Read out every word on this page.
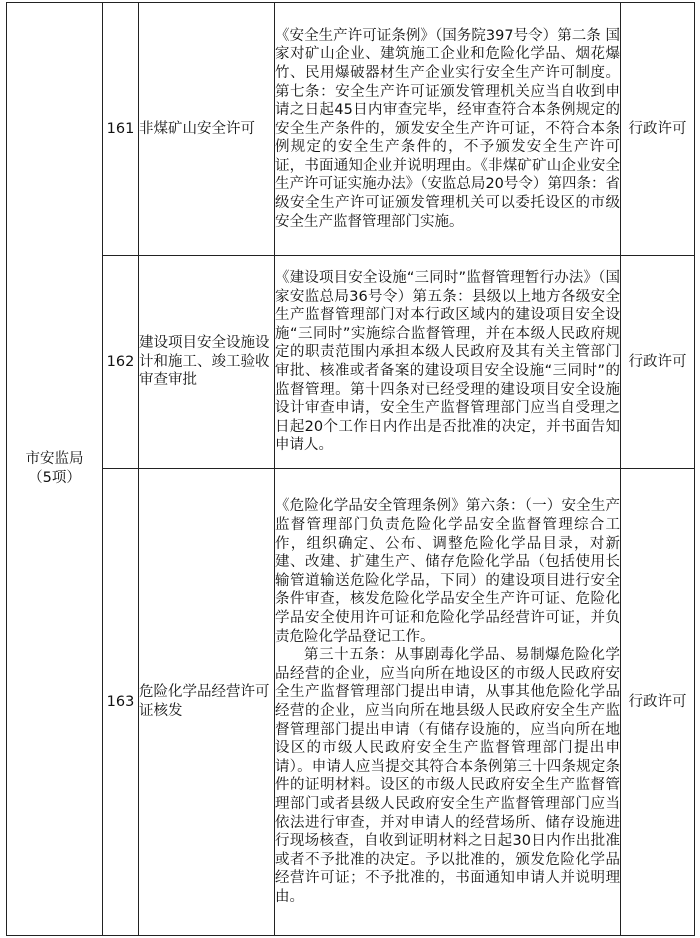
市安监局
（5项）	161	非煤矿山安全许可	《安全生产许可证条例》（国务院397号令）第二条 国家对矿山企业、建筑施工企业和危险化学品、烟花爆竹、民用爆破器材生产企业实行安全生产许可制度。第七条：安全生产许可证颁发管理机关应当自收到申请之日起45日内审查完毕，经审查符合本条例规定的安全生产条件的，颁发安全生产许可证，不符合本条例规定的安全生产条件的，不予颁发安全生产许可证，书面通知企业并说明理由。《非煤矿矿山企业安全生产许可证实施办法》（安监总局20号令）第四条：省级安全生产许可证颁发管理机关可以委托设区的市级安全生产监督管理部门实施。	行政许可
	162	建设项目安全设施设计和施工、竣工验收审查审批	《建设项目安全设施“三同时”监督管理暂行办法》（国家安监总局36号令）第五条：县级以上地方各级安全生产监督管理部门对本行政区域内的建设项目安全设施“三同时”实施综合监督管理，并在本级人民政府规定的职责范围内承担本级人民政府及其有关主管部门审批、核准或者备案的建设项目安全设施“三同时”的监督管理。第十四条对已经受理的建设项目安全设施设计审查申请，安全生产监督管理部门应当自受理之日起20个工作日内作出是否批准的决定，并书面告知申请人。	行政许可
	163	危险化学品经营许可证核发	《危险化学品安全管理条例》第六条：（一）安全生产监督管理部门负责危险化学品安全监督管理综合工作，组织确定、公布、调整危险化学品目录，对新建、改建、扩建生产、储存危险化学品（包括使用长输管道输送危险化学品，下同）的建设项目进行安全条件审查，核发危险化学品安全生产许可证、危险化学品安全使用许可证和危险化学品经营许可证，并负责危险化学品登记工作。
第三十五条：从事剧毒化学品、易制爆危险化学品经营的企业，应当向所在地设区的市级人民政府安全生产监督管理部门提出申请，从事其他危险化学品经营的企业，应当向所在地县级人民政府安全生产监督管理部门提出申请（有储存设施的，应当向所在地设区的市级人民政府安全生产监督管理部门提出申请）。申请人应当提交其符合本条例第三十四条规定条件的证明材料。设区的市级人民政府安全生产监督管理部门或者县级人民政府安全生产监督管理部门应当依法进行审查，并对申请人的经营场所、储存设施进行现场核查，自收到证明材料之日起30日内作出批准或者不予批准的决定。予以批准的，颁发危险化学品经营许可证；不予批准的，书面通知申请人并说明理由。	行政许可
